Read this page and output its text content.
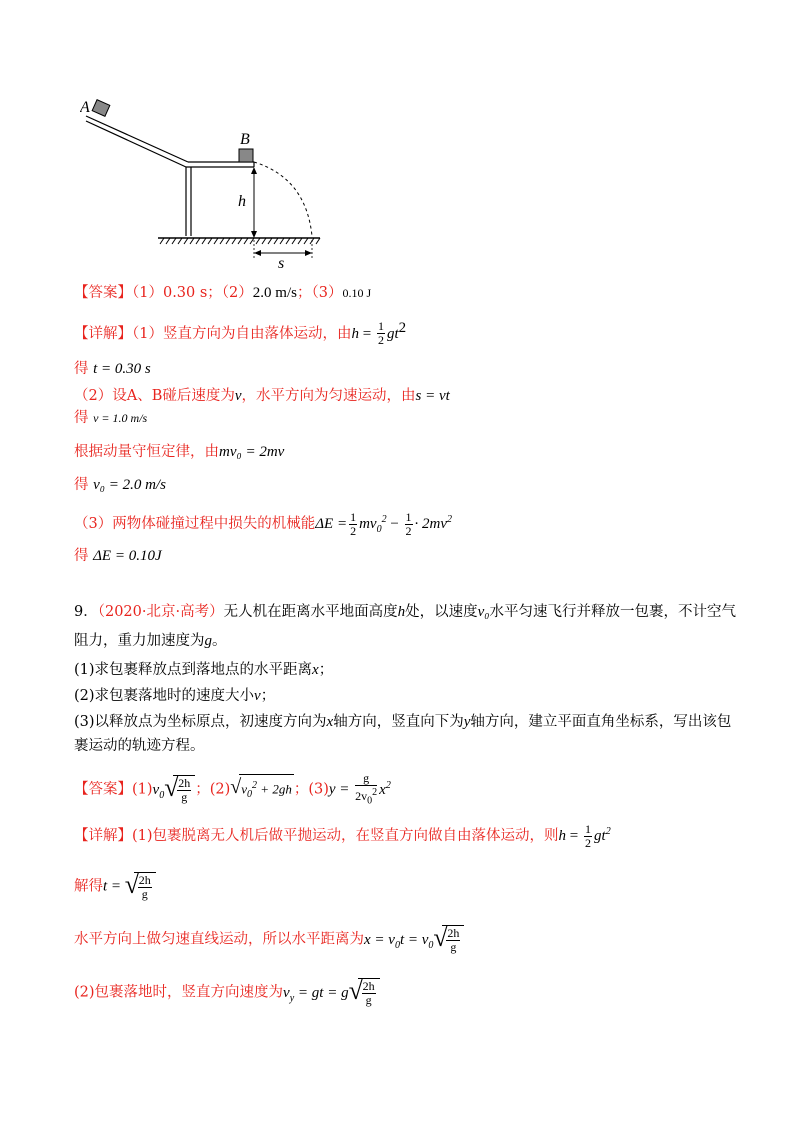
A
B
h
s
【答案】（1）0.30 s；（2）2.0 m/s；（3）0.10 J
【详解】（1）竖直方向为自由落体运动，由$h = \frac{1}{2} gt^2$
得 t = 0.30 s
（2）设A、B碰后速度为v，水平方向为匀速运动，由s = vt
得 v = 1.0 m/s
根据动量守恒定律，由mv₀ = 2mv
得 v₀ = 2.0 m/s
（3）两物体碰撞过程中损失的机械能$\Delta E = \frac{1}{2} mv_0^2 - \frac{1}{2} \cdot 2mv^2$
得 ΔE = 0.10J
9．（2020·北京·高考）无人机在距离水平地面高度h处，以速度v₀水平匀速飞行并释放一包裹，不计空气
阻力，重力加速度为g。
(1)求包裹释放点到落地点的水平距离x；
(2)求包裹落地时的速度大小v；
(3)以释放点为坐标原点，初速度方向为x轴方向，竖直向下为y轴方向，建立平面直角坐标系，写出该包
裹运动的轨迹方程。
【答案】$(1)v_0$ √
$\frac{2h}{g}$ ；(2) √ $v_0^2 + 2gh$ ；$(3)y = \frac{g}{2v_0^2} x^2$
【详解】(1)包裹脱离无人机后做平抛运动，在竖直方向做自由落体运动，则$h = \frac{1}{2} gt^2$
解得t = √
$\frac{2h}{g}$
水平方向上做匀速直线运动，所以水平距离为$x = v_0t = v_0$ √
$\frac{2h}{g}$
(2)包裹落地时，竖直方向速度为$v_y$ = gt = g √
$\frac{2h}{g}$
